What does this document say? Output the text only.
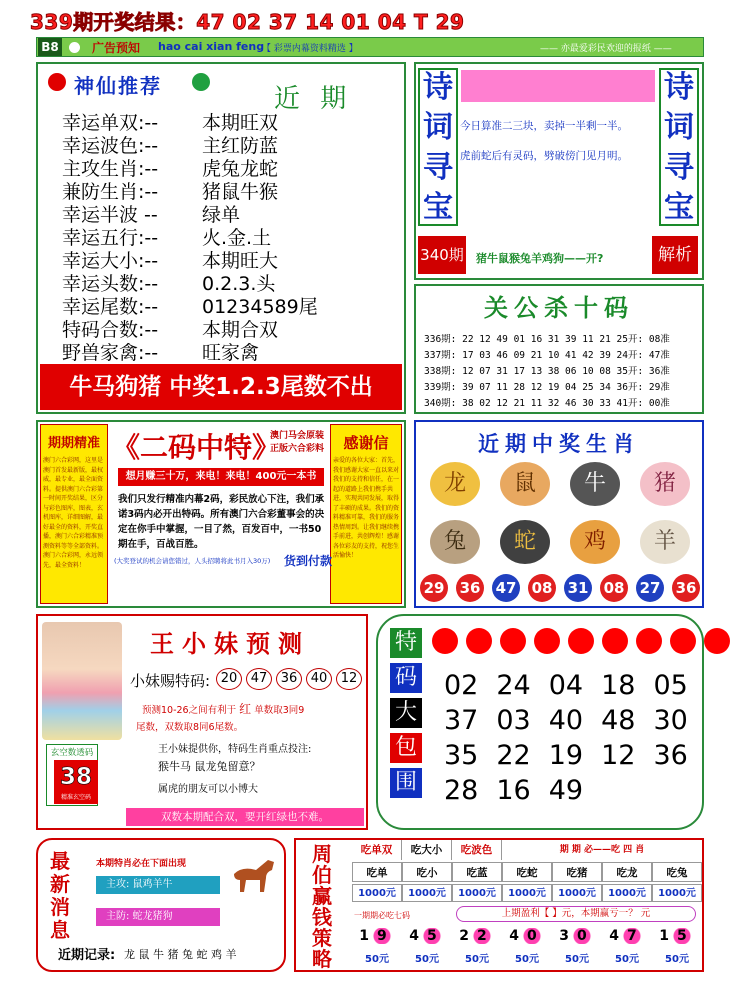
339期开奖结果：47 02 37 14 01 04 T 29
B8	广告预知 hao cai xian feng
【 彩票内幕资料精选 】	—— 亦最爱彩民欢迎的报纸 ——
神仙推荐	近 期
幸运单双:--	本期旺双
幸运波色:--	主红防蓝
主攻生肖:--	虎兔龙蛇
兼防生肖:--	猪鼠牛猴
幸运半波 --	绿单
幸运五行:--	火.金.土
幸运大小:--	本期旺大
幸运头数:--	0.2.3.头
幸运尾数:--	01234589尾
特码合数:--	本期合双
野兽家禽:--	旺家禽
牛马狗猪 中奖1.2.3尾数不出
诗
词
寻
宝
诗
词
寻
宝
今日算准二三块，卖掉一半剩一半。
虎前蛇后有灵码，劈破傍门见月明。
340期 猪牛鼠猴兔羊鸡狗——开?	解析
关公杀十码
336期: 22 12 49 01 16 31 39 11 21 25开: 08准
337期: 17 03 46 09 21 10 41 42 39 24开: 47准
338期: 12 07 31 17 13 38 06 10 08 35开: 36准
339期: 39 07 11 28 12 19 04 25 34 36开: 29准
340期: 38 02 12 21 11 32 46 30 33 41开: 00准
期期精准
澳门六合彩网，这里是澳门首发最新版，最权威，最专业，最全面资料。提供澳门六合彩第一时间开奖结果，区分与彩色图库，图表，玄机图库，详细图解，最好最全的资料，开奖直播，澳门六合彩精准预测资料等等全部资料。澳门六合彩网，永远领先，最全资料！
感谢信
亲爱的各位大家：首先，我们感谢大家一直以来对我们的支持和信任，在一起的道路上我们携手共进，实现共同发展，取得了丰硕的成果。我们的资料精准可靠，我们的服务热情周到。让我们继续携手前进，共创辉煌！感谢各位彩友的支持，祝您生活愉快！
《二码中特》
澳门马会原装正版六合彩料
想月赚三十万，来电！来电！400元一本书
我们只发行精准内幕2码，彩民放心下注，我们承诺3码内必开出特码。所有澳门六合彩董事会的决定在你手中掌握，一目了然，百发百中，一书50期在手，百战百胜。
(大奖登试的机会请您错过，人头招聘将此书月入30万)	货到付款
近期中奖生肖
龙	鼠	牛	猪
兔	蛇	鸡	羊
29 36 47 08 31 08 27 36
王小妹预测
小妹赐特码: 20	47	36	40	12
预测10-26之间有利于 红 单数取3同9
尾数，双数取8同6尾数。
玄空数透码
38
精准玄空码
王小妹提供你，特码生肖重点投注:
猴牛马 鼠龙兔留意？
属虎的朋友可以小博大
双数本期配合双，要开红绿也不难。
特
码
大
包
围
02 24 04 18 05
37 03 40 48 30
35 22 19 12 36
28 16 49
最
新
消
息
本期特肖必在下面出现
主攻: 鼠鸡羊牛
主防: 蛇龙猪狗
近期记录: 龙 鼠 牛 猪 兔 蛇 鸡 羊
周
伯
赢
钱
策
略
吃单双	吃大小	吃波色	期 期 必——吃 四 肖
吃单	吃小	吃蓝	吃蛇	吃猪	吃龙	吃兔
1000元	1000元	1000元	1000元	1000元	1000元	1000元
一期期必吃七码	上期盈利【 】元，本期赢亏一？ 元
19	45	22	40	30	47	15
50元	50元	50元	50元	50元	50元	50元
